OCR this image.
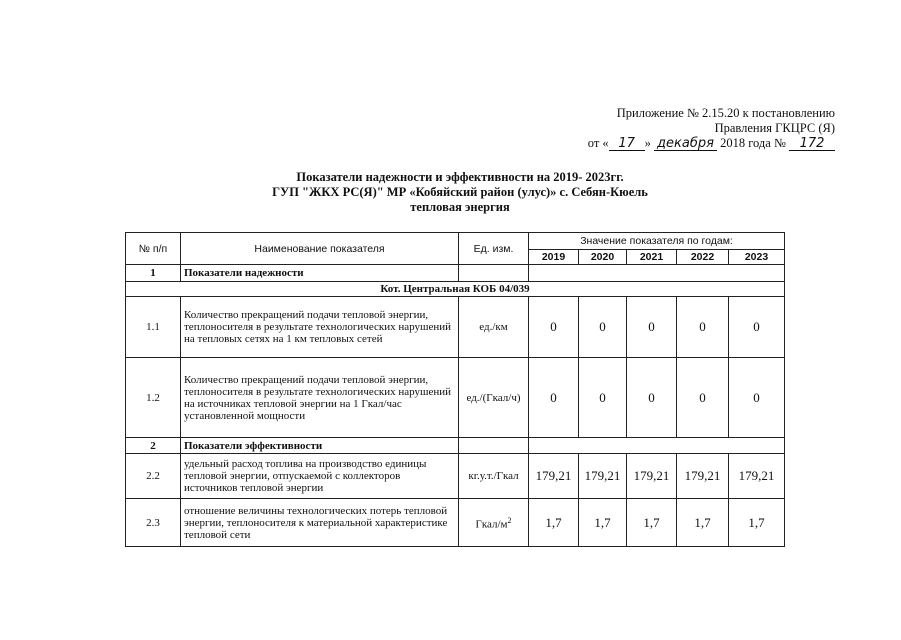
Приложение № 2.15.20 к постановлению
Правления ГКЦРС (Я)
от « 17 » декабря 2018 года № 172
Показатели надежности и эффективности на 2019- 2023гг.
ГУП "ЖКХ РС(Я)" МР «Кобяйский район (улус)» с. Себян-Кюель
тепловая энергия
№ п/п	Наименование показателя	Ед. изм.	Значение показателя по годам:				
			2019	2020	2021	2022	2023
1	Показатели надежности						
Кот. Центральная КОБ 04/039							
1.1	Количество прекращений подачи тепловой энергии, теплоносителя в результате технологических нарушений на тепловых сетях на 1 км тепловых сетей	ед./км	0	0	0	0	0
1.2	Количество прекращений подачи тепловой энергии, теплоносителя в результате технологических нарушений на источниках тепловой энергии на 1 Гкал/час установленной мощности	ед./(Гкал/ч)	0	0	0	0	0
2	Показатели эффективности						
2.2	удельный расход топлива на производство единицы тепловой энергии, отпускаемой с коллекторов источников тепловой энергии	кг.у.т./Гкал	179,21	179,21	179,21	179,21	179,21
2.3	отношение величины технологических потерь тепловой энергии, теплоносителя к материальной характеристике тепловой сети	Гкал/$м^2$	1,7	1,7	1,7	1,7	1,7
